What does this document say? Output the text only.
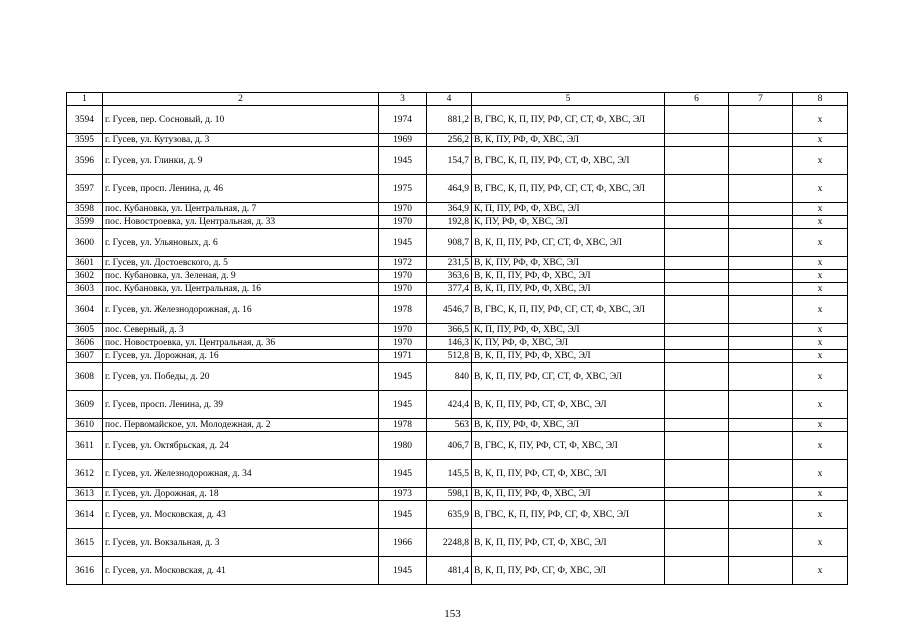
1	2	3	4	5	6	7	8
3594	г. Гусев, пер. Сосновый, д. 10	1974	881,2	В, ГВС, К, П, ПУ, РФ, СГ, СТ, Ф, ХВС, ЭЛ			х
3595	г. Гусев, ул. Кутузова, д. 3	1969	256,2	В, К, ПУ, РФ, Ф, ХВС, ЭЛ			х
3596	г. Гусев, ул. Глинки, д. 9	1945	154,7	В, ГВС, К, П, ПУ, РФ, СТ, Ф, ХВС, ЭЛ			х
3597	г. Гусев, просп. Ленина, д. 46	1975	464,9	В, ГВС, К, П, ПУ, РФ, СГ, СТ, Ф, ХВС, ЭЛ			х
3598	пос. Кубановка, ул. Центральная, д. 7	1970	364,9	К, П, ПУ, РФ, Ф, ХВС, ЭЛ			х
3599	пос. Новостроевка, ул. Центральная, д. 33	1970	192,8	К, ПУ, РФ, Ф, ХВС, ЭЛ			х
3600	г. Гусев, ул. Ульяновых, д. 6	1945	908,7	В, К, П, ПУ, РФ, СГ, СТ, Ф, ХВС, ЭЛ			х
3601	г. Гусев, ул. Достоевского, д. 5	1972	231,5	В, К, ПУ, РФ, Ф, ХВС, ЭЛ			х
3602	пос. Кубановка, ул. Зеленая, д. 9	1970	363,6	В, К, П, ПУ, РФ, Ф, ХВС, ЭЛ			х
3603	пос. Кубановка, ул. Центральная, д. 16	1970	377,4	В, К, П, ПУ, РФ, Ф, ХВС, ЭЛ			х
3604	г. Гусев, ул. Железнодорожная, д. 16	1978	4546,7	В, ГВС, К, П, ПУ, РФ, СГ, СТ, Ф, ХВС, ЭЛ			х
3605	пос. Северный, д. 3	1970	366,5	К, П, ПУ, РФ, Ф, ХВС, ЭЛ			х
3606	пос. Новостроевка, ул. Центральная, д. 36	1970	146,3	К, ПУ, РФ, Ф, ХВС, ЭЛ			х
3607	г. Гусев, ул. Дорожная, д. 16	1971	512,8	В, К, П, ПУ, РФ, Ф, ХВС, ЭЛ			х
3608	г. Гусев, ул. Победы, д. 20	1945	840	В, К, П, ПУ, РФ, СГ, СТ, Ф, ХВС, ЭЛ			х
3609	г. Гусев, просп. Ленина, д. 39	1945	424,4	В, К, П, ПУ, РФ, СТ, Ф, ХВС, ЭЛ			х
3610	пос. Первомайское, ул. Молодежная, д. 2	1978	563	В, К, ПУ, РФ, Ф, ХВС, ЭЛ			х
3611	г. Гусев, ул. Октябрьская, д. 24	1980	406,7	В, ГВС, К, ПУ, РФ, СТ, Ф, ХВС, ЭЛ			х
3612	г. Гусев, ул. Железнодорожная, д. 34	1945	145,5	В, К, П, ПУ, РФ, СТ, Ф, ХВС, ЭЛ			х
3613	г. Гусев, ул. Дорожная, д. 18	1973	598,1	В, К, П, ПУ, РФ, Ф, ХВС, ЭЛ			х
3614	г. Гусев, ул. Московская, д. 43	1945	635,9	В, ГВС, К, П, ПУ, РФ, СГ, Ф, ХВС, ЭЛ			х
3615	г. Гусев, ул. Вокзальная, д. 3	1966	2248,8	В, К, П, ПУ, РФ, СТ, Ф, ХВС, ЭЛ			х
3616	г. Гусев, ул. Московская, д. 41	1945	481,4	В, К, П, ПУ, РФ, СГ, Ф, ХВС, ЭЛ			х
153
